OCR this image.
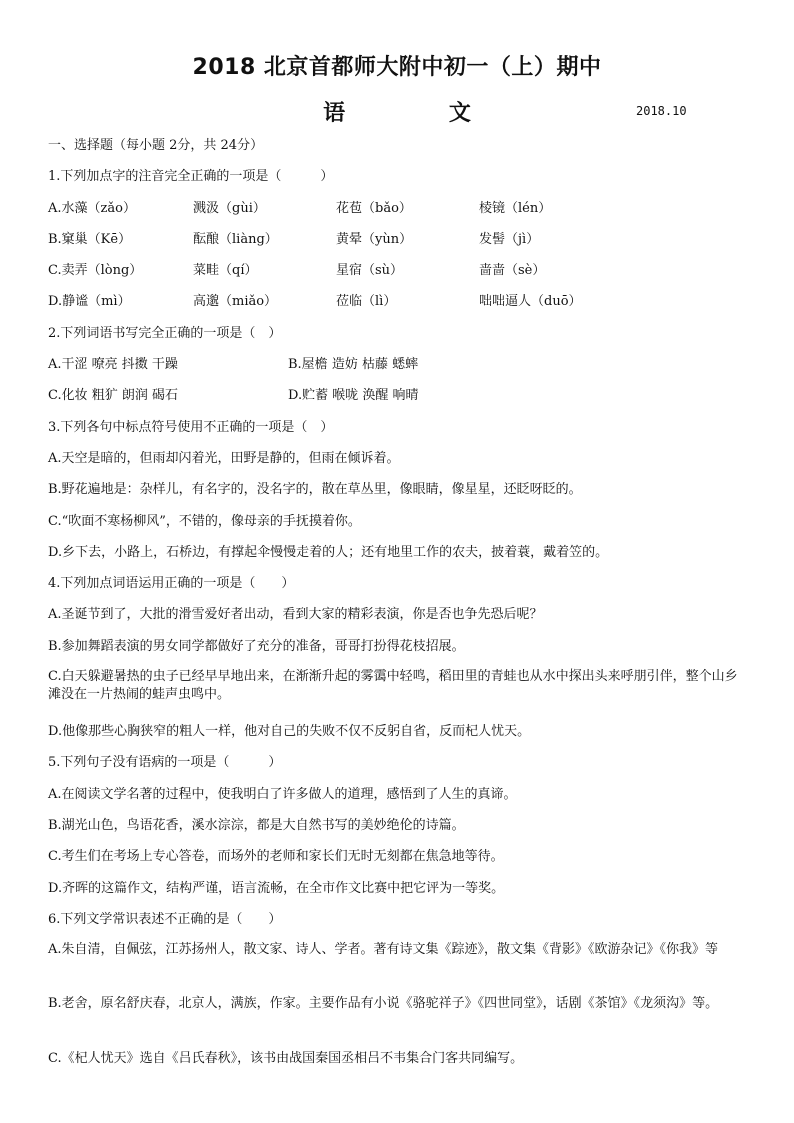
2018 北京首都师大附中初一（上）期中
语 文	2018.10
一、选择题（每小题 2分，共 24分）
1.下列加点字的注音完全正确的一项是（　　　）
A.水藻（zǎo）	溅汲（gùi）	花苞（bǎo）	棱镜（lén）
B.窠巢（Kē）	酝酿（liàng）	黄晕（yùn）	发髻（jì）
C.卖弄（lòng）	菜畦（qí）	星宿（sù）	啬啬（sè）
D.静谧（mì）	高邈（miǎo）	莅临（lì）	咄咄逼人（duō）
2.下列词语书写完全正确的一项是（　）
A.干涩 嘹亮 抖擞 干躁	B.屋檐 造妨 枯藤 蟋蟀
C.化妆 粗犷 朗润 碣石	D.贮蓄 喉咙 涣醒 响晴
3.下列各句中标点符号使用不正确的一项是（　）
A.天空是暗的，但雨却闪着光，田野是静的，但雨在倾诉着。
B.野花遍地是：杂样儿，有名字的，没名字的，散在草丛里，像眼睛，像星星，还眨呀眨的。
C.“吹面不寒杨柳风”，不错的，像母亲的手抚摸着你。
D.乡下去，小路上，石桥边，有撑起伞慢慢走着的人；还有地里工作的农夫，披着蓑，戴着笠的。
4.下列加点词语运用正确的一项是（　　）
A.圣诞节到了，大批的滑雪爱好者出动，看到大家的精彩表演，你是否也争先恐后呢？
B.参加舞蹈表演的男女同学都做好了充分的准备，哥哥打扮得花枝招展。
C.白天躲避暑热的虫子已经早早地出来，在渐渐升起的雾霭中轻鸣，稻田里的青蛙也从水中探出头来呼朋引伴，整个山乡滩没在一片热闹的蛙声虫鸣中。
D.他像那些心胸狭窄的粗人一样，他对自己的失败不仅不反躬自省，反而杞人忧天。
5.下列句子没有语病的一项是（　　　）
A.在阅读文学名著的过程中，使我明白了许多做人的道理，感悟到了人生的真谛。
B.湖光山色，鸟语花香，溪水淙淙，都是大自然书写的美妙绝伦的诗篇。
C.考生们在考场上专心答卷，而场外的老师和家长们无时无刻都在焦急地等待。
D.齐晖的这篇作文，结构严谨，语言流畅，在全市作文比赛中把它评为一等奖。
6.下列文学常识表述不正确的是（　　）
A.朱自清，自佩弦，江苏扬州人，散文家、诗人、学者。著有诗文集《踪迹》，散文集《背影》《欧游杂记》《你我》等
B.老舍，原名舒庆春，北京人，满族，作家。主要作品有小说《骆驼祥子》《四世同堂》，话剧《茶馆》《龙须沟》等。
C.《杞人忧天》选自《吕氏春秋》，该书由战国秦国丞相吕不韦集合门客共同编写。
